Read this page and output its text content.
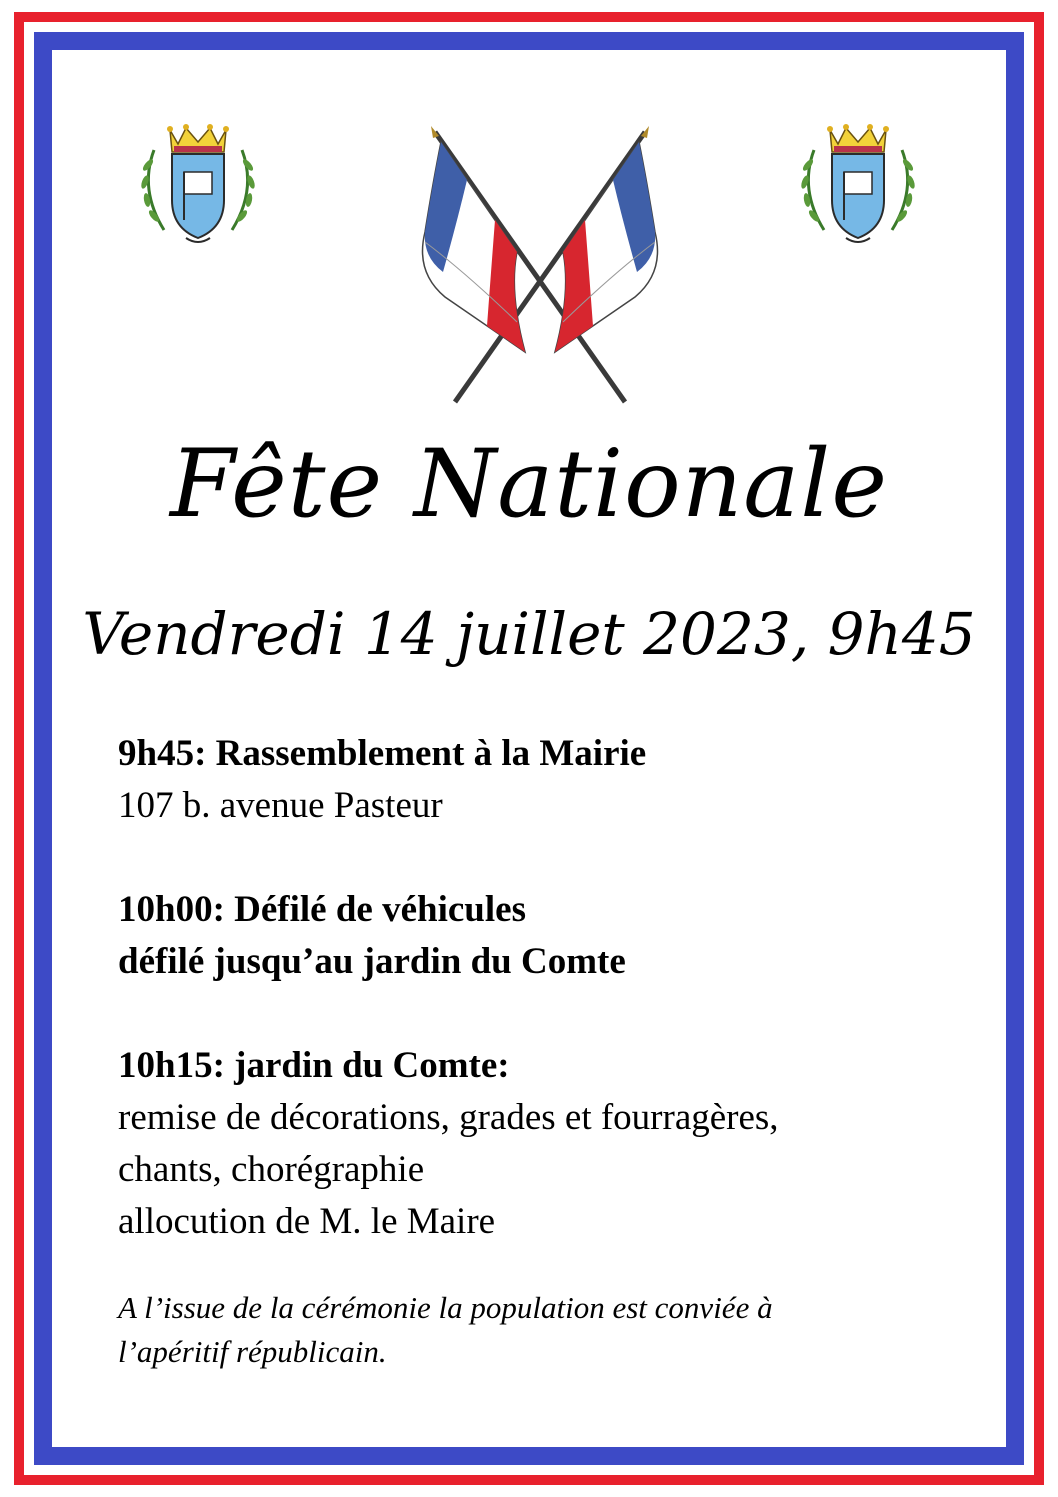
Fête Nationale
Vendredi 14 juillet 2023, 9h45
9h45: Rassemblement à la Mairie
107 b. avenue Pasteur
10h00: Défilé de véhicules
défilé jusqu’au jardin du Comte
10h15: jardin du Comte:
remise de décorations, grades et fourragères,
chants, chorégraphie
allocution de M. le Maire
A l’issue de la cérémonie la population est conviée à
l’apéritif républicain.
